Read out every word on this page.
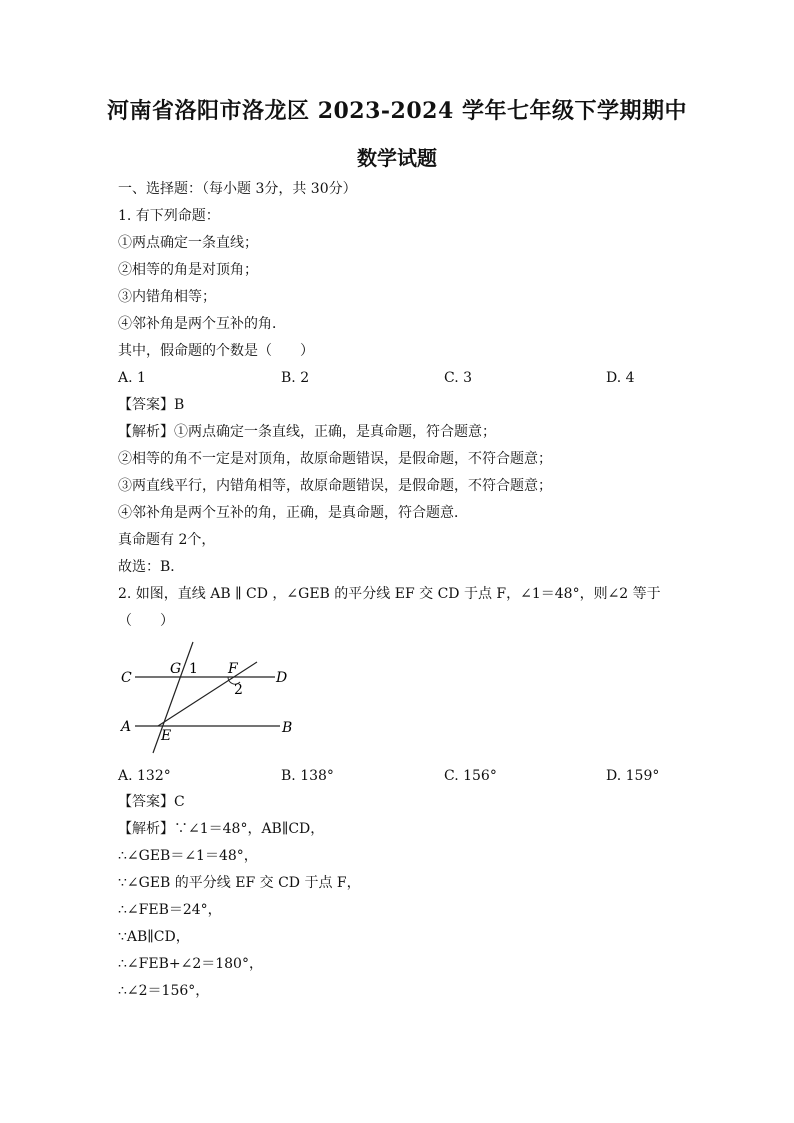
河南省洛阳市洛龙区 2023-2024 学年七年级下学期期中
数学试题
一、选择题：（每小题 3分，共 30分）
1. 有下列命题：
①两点确定一条直线；
②相等的角是对顶角；
③内错角相等；
④邻补角是两个互补的角．
其中，假命题的个数是（　　）
A. 1	B. 2	C. 3	D. 4
【答案】B
【解析】①两点确定一条直线，正确，是真命题，符合题意；
②相等的角不一定是对顶角，故原命题错误，是假命题，不符合题意；
③两直线平行，内错角相等，故原命题错误，是假命题，不符合题意；
④邻补角是两个互补的角，正确，是真命题，符合题意．
真命题有 2个，
故选：B．
2. 如图，直线 AB ∥ CD ，∠GEB 的平分线 EF 交 CD 于点 F，∠1＝48°，则∠2 等于
（　　）
C
G 1 F
D
2
A
E	B
A. 132°	B. 138°	C. 156°	D. 159°
【答案】C
【解析】∵∠1＝48°，AB∥CD，
∴∠GEB＝∠1＝48°，
∵∠GEB 的平分线 EF 交 CD 于点 F，
∴∠FEB＝24°，
∵AB∥CD，
∴∠FEB+∠2＝180°，
∴∠2＝156°，
